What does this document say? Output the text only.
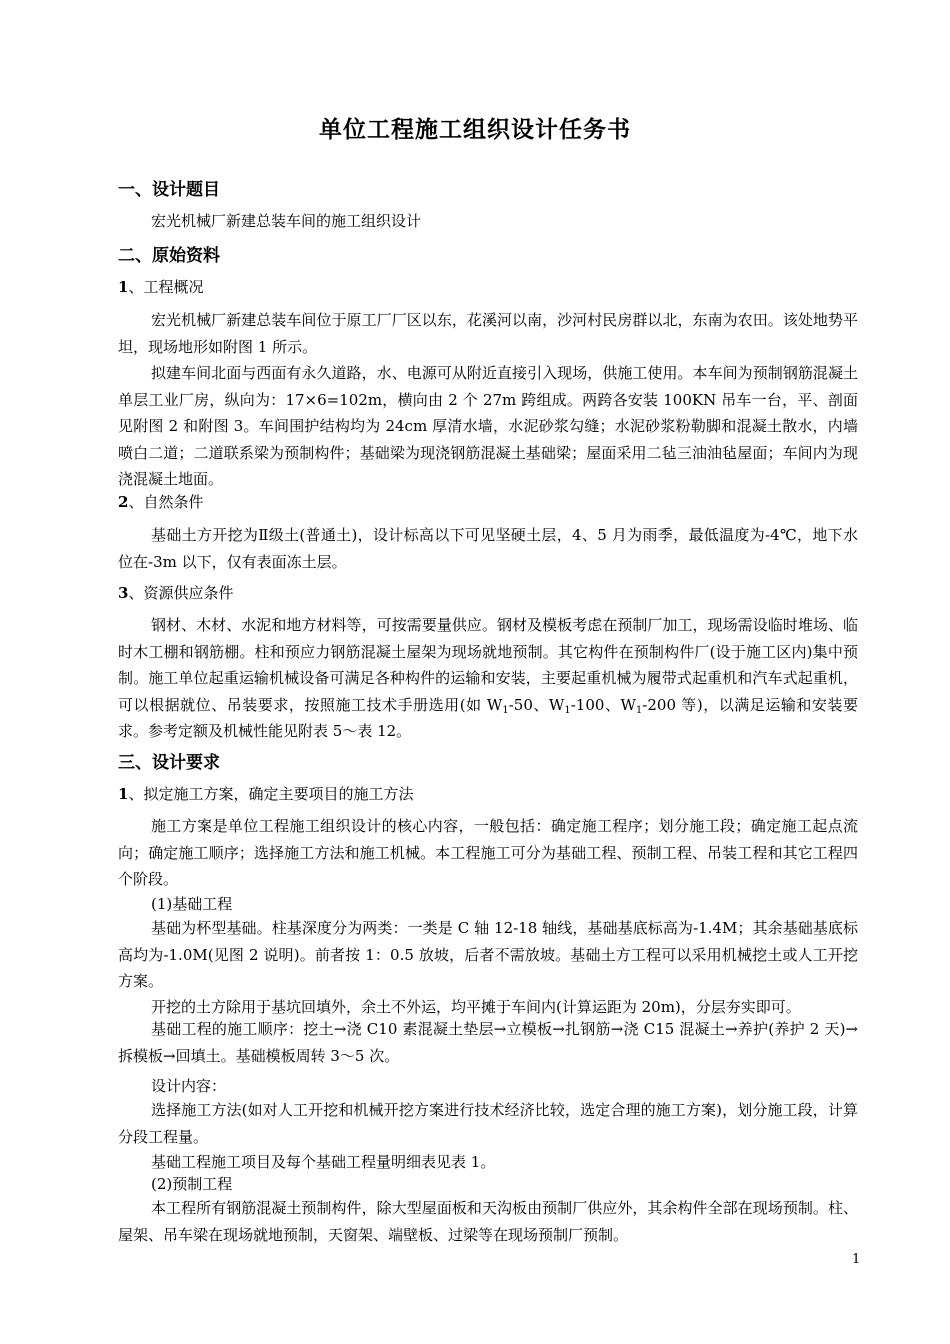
单位工程施工组织设计任务书
一、设计题目
宏光机械厂新建总装车间的施工组织设计
二、原始资料
1、工程概况

宏光机械厂新建总装车间位于原工厂厂区以东，花溪河以南，沙河村民房群以北，东南为农田。该处地势平坦，现场地形如附图 1 所示。

拟建车间北面与西面有永久道路，水、电源可从附近直接引入现场，供施工使用。本车间为预制钢筋混凝土单层工业厂房，纵向为：17×6=102m，横向由 2 个 27m 跨组成。两跨各安装 100KN 吊车一台，平、剖面见附图 2 和附图 3。车间围护结构均为 24cm 厚清水墙，水泥砂浆勾缝；水泥砂浆粉勒脚和混凝土散水，内墙喷白二道；二道联系梁为预制构件；基础梁为现浇钢筋混凝土基础梁；屋面采用二毡三油油毡屋面；车间内为现浇混凝土地面。

2、自然条件

基础土方开挖为Ⅱ级土(普通土)，设计标高以下可见坚硬土层，4、5 月为雨季，最低温度为-4℃，地下水位在-3m 以下，仅有表面冻土层。

3、资源供应条件

钢材、木材、水泥和地方材料等，可按需要量供应。钢材及模板考虑在预制厂加工，现场需设临时堆场、临时木工棚和钢筋棚。柱和预应力钢筋混凝土屋架为现场就地预制。其它构件在预制构件厂(设于施工区内)集中预制。施工单位起重运输机械设备可满足各种构件的运输和安装，主要起重机械为履带式起重机和汽车式起重机，可以根据就位、吊装要求，按照施工技术手册选用(如 $W_1-50$、$W_1-100$、$W_1-200$ 等)，以满足运输和安装要求。参考定额及机械性能见附表 5～表 12。

三、设计要求
1、拟定施工方案，确定主要项目的施工方法

施工方案是单位工程施工组织设计的核心内容，一般包括：确定施工程序；划分施工段；确定施工起点流向；确定施工顺序；选择施工方法和施工机械。本工程施工可分为基础工程、预制工程、吊装工程和其它工程四个阶段。

(1)基础工程

基础为杯型基础。柱基深度分为两类：一类是 C 轴 12-18 轴线，基础基底标高为-1.4M；其余基础基底标高均为-1.0M(见图 2 说明)。前者按 1：0.5 放坡，后者不需放坡。基础土方工程可以采用机械挖土或人工开挖方案。

开挖的土方除用于基坑回填外，余土不外运，均平摊于车间内(计算运距为 20m)，分层夯实即可。

基础工程的施工顺序：挖土→浇 C10 素混凝土垫层→立模板→扎钢筋→浇 C15 混凝土→养护(养护 2 天)→拆模板→回填土。基础模板周转 3～5 次。

设计内容：

选择施工方法(如对人工开挖和机械开挖方案进行技术经济比较，选定合理的施工方案)，划分施工段，计算分段工程量。

基础工程施工项目及每个基础工程量明细表见表 1。

(2)预制工程

本工程所有钢筋混凝土预制构件，除大型屋面板和天沟板由预制厂供应外，其余构件全部在现场预制。柱、屋架、吊车梁在现场就地预制，天窗架、端壁板、过梁等在现场预制厂预制。

1
